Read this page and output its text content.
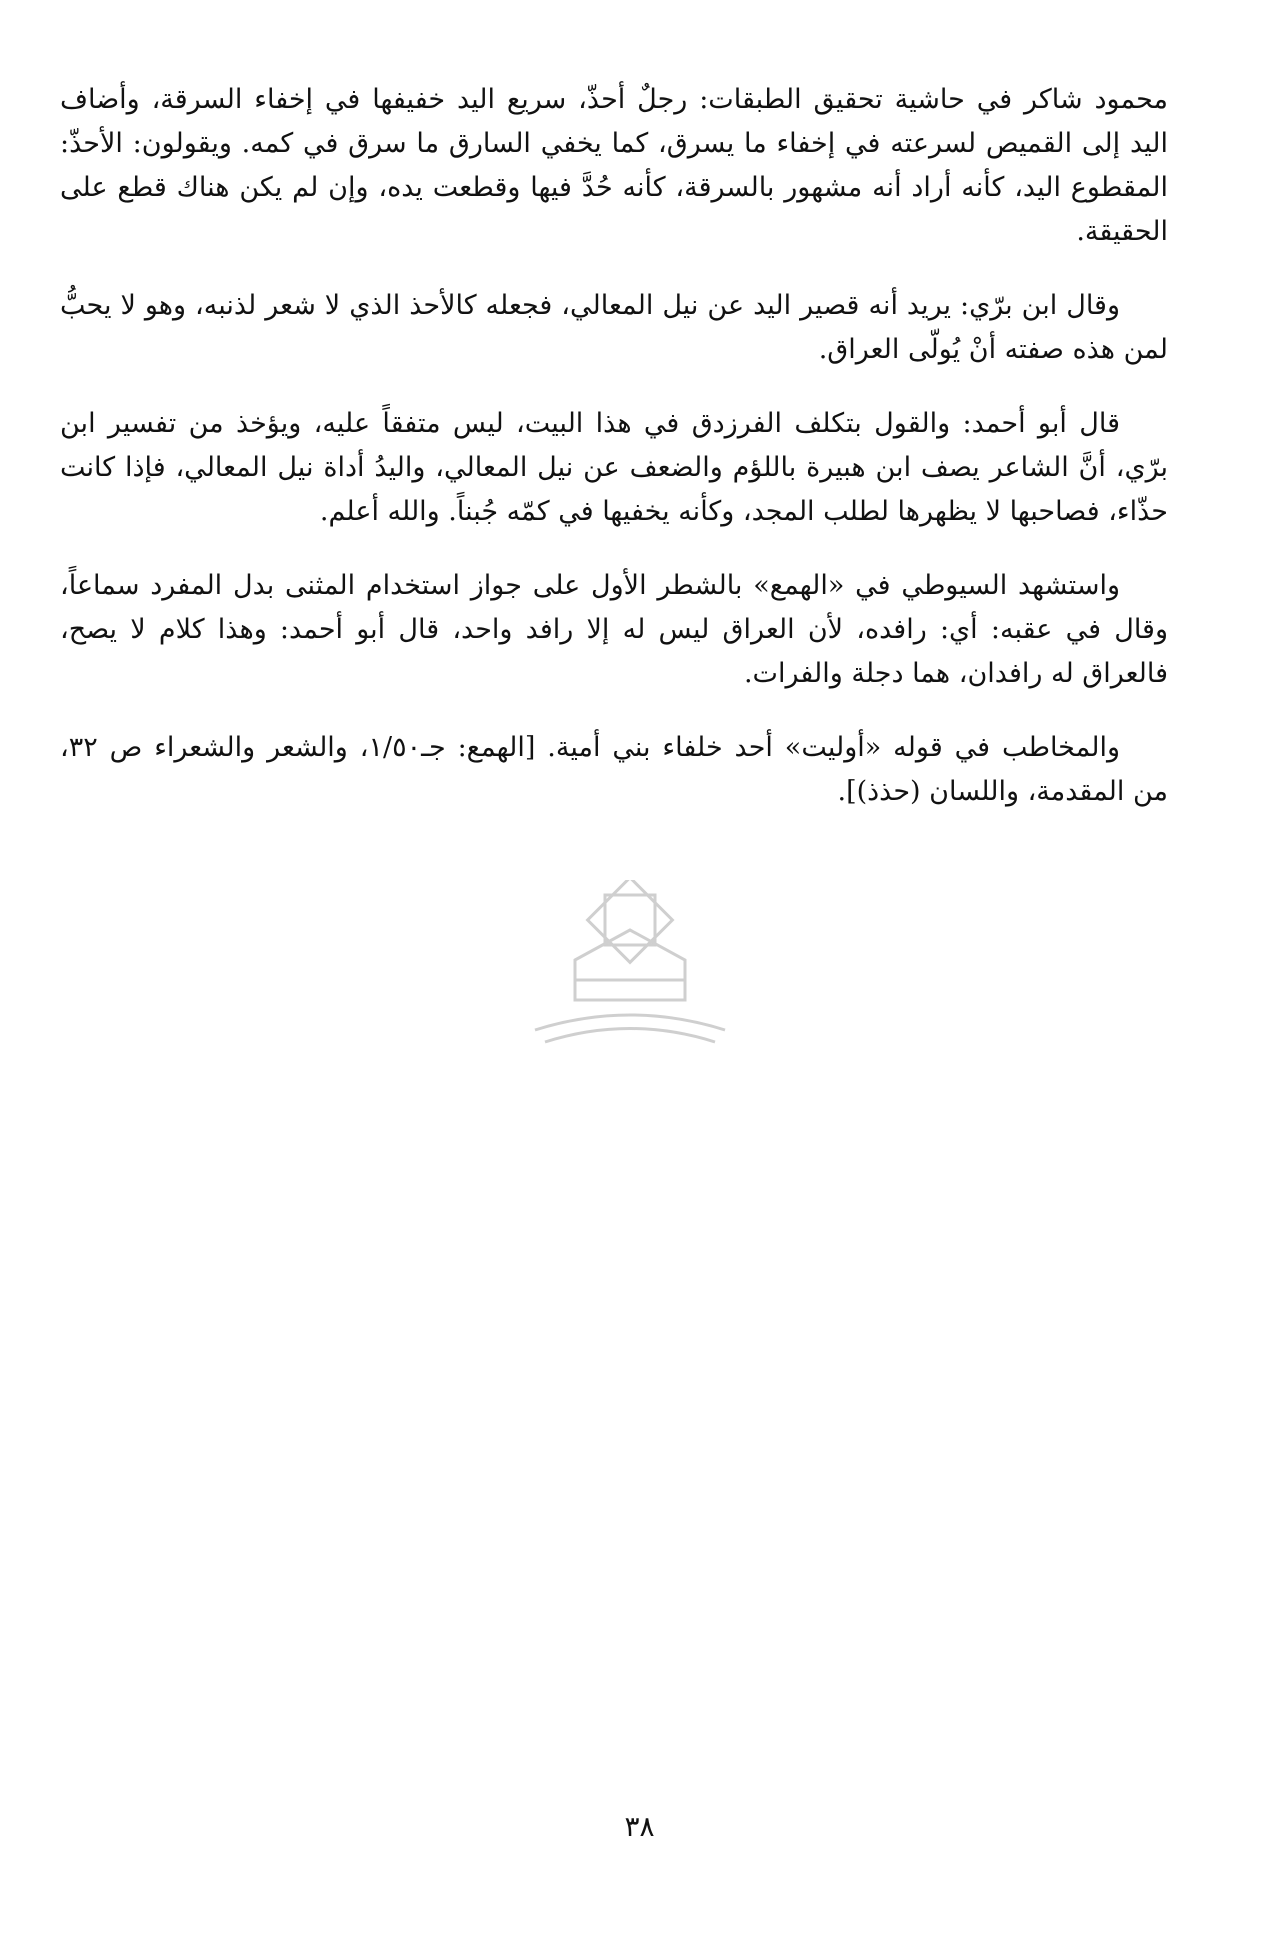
محمود شاكر في حاشية تحقيق الطبقات: رجلٌ أحذّ، سريع اليد خفيفها في إخفاء السرقة، وأضاف اليد إلى القميص لسرعته في إخفاء ما يسرق، كما يخفي السارق ما سرق في كمه. ويقولون: الأحذّ: المقطوع اليد، كأنه أراد أنه مشهور بالسرقة، كأنه حُدَّ فيها وقطعت يده، وإن لم يكن هناك قطع على الحقيقة.

وقال ابن برّي: يريد أنه قصير اليد عن نيل المعالي، فجعله كالأحذ الذي لا شعر لذنبه، وهو لا يحبُّ لمن هذه صفته أنْ يُولّى العراق.

قال أبو أحمد: والقول بتكلف الفرزدق في هذا البيت، ليس متفقاً عليه، ويؤخذ من تفسير ابن برّي، أنَّ الشاعر يصف ابن هبيرة باللؤم والضعف عن نيل المعالي، واليدُ أداة نيل المعالي، فإذا كانت حذّاء، فصاحبها لا يظهرها لطلب المجد، وكأنه يخفيها في كمّه جُبناً. والله أعلم.

واستشهد السيوطي في «الهمع» بالشطر الأول على جواز استخدام المثنى بدل المفرد سماعاً، وقال في عقبه: أي: رافده، لأن العراق ليس له إلا رافد واحد، قال أبو أحمد: وهذا كلام لا يصح، فالعراق له رافدان، هما دجلة والفرات.

والمخاطب في قوله «أوليت» أحد خلفاء بني أمية. [الهمع: جـ١/٥٠، والشعر والشعراء ص ٣٢، من المقدمة، واللسان (حذذ)].

٣٨
